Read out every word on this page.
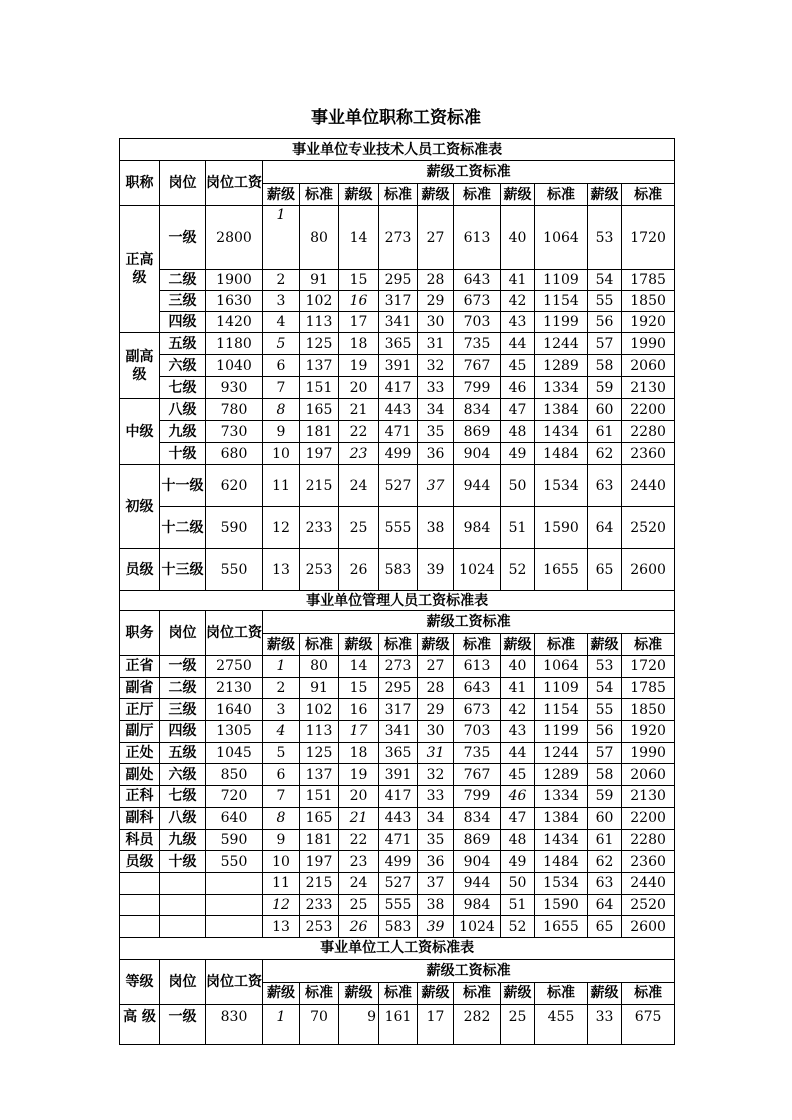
事业单位职称工资标准
事业单位专业技术人员工资标准表												
职称	岗位	岗位工资	薪级工资标准									
			薪级	标准	薪级	标准	薪级	标准	薪级	标准	薪级	标准
正高级	一级	2800	1	80	14	273	27	613	40	1064	53	1720
	二级	1900	2	91	15	295	28	643	41	1109	54	1785
	三级	1630	3	102	16	317	29	673	42	1154	55	1850
	四级	1420	4	113	17	341	30	703	43	1199	56	1920
副高级	五级	1180	5	125	18	365	31	735	44	1244	57	1990
	六级	1040	6	137	19	391	32	767	45	1289	58	2060
	七级	930	7	151	20	417	33	799	46	1334	59	2130
中级	八级	780	8	165	21	443	34	834	47	1384	60	2200
	九级	730	9	181	22	471	35	869	48	1434	61	2280
	十级	680	10	197	23	499	36	904	49	1484	62	2360
初级	十一级	620	11	215	24	527	37	944	50	1534	63	2440
	十二级	590	12	233	25	555	38	984	51	1590	64	2520
员级	十三级	550	13	253	26	583	39	1024	52	1655	65	2600
事业单位管理人员工资标准表												
职务	岗位	岗位工资	薪级工资标准									
			薪级	标准	薪级	标准	薪级	标准	薪级	标准	薪级	标准
正省	一级	2750	1	80	14	273	27	613	40	1064	53	1720
副省	二级	2130	2	91	15	295	28	643	41	1109	54	1785
正厅	三级	1640	3	102	16	317	29	673	42	1154	55	1850
副厅	四级	1305	4	113	17	341	30	703	43	1199	56	1920
正处	五级	1045	5	125	18	365	31	735	44	1244	57	1990
副处	六级	850	6	137	19	391	32	767	45	1289	58	2060
正科	七级	720	7	151	20	417	33	799	46	1334	59	2130
副科	八级	640	8	165	21	443	34	834	47	1384	60	2200
科员	九级	590	9	181	22	471	35	869	48	1434	61	2280
员级	十级	550	10	197	23	499	36	904	49	1484	62	2360
			11	215	24	527	37	944	50	1534	63	2440
			12	233	25	555	38	984	51	1590	64	2520
			13	253	26	583	39	1024	52	1655	65	2600
事业单位工人工资标准表												
等级	岗位	岗位工资	薪级工资标准									
			薪级	标准	薪级	标准	薪级	标准	薪级	标准	薪级	标准
高 级	一级	830	1	70	9	161	17	282	25	455	33	675
